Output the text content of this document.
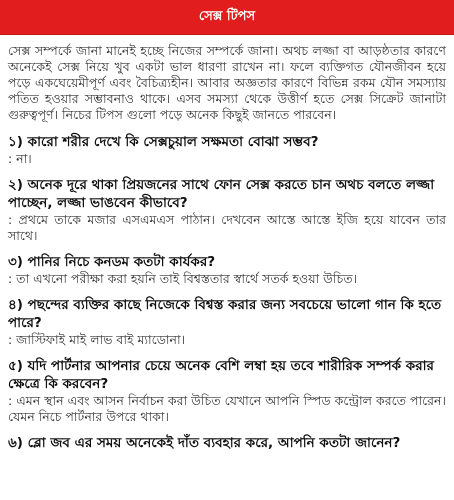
সেক্স টিপস

সেক্স সম্পর্কে জানা মানেই হচ্ছে নিজের সম্পর্কে জানা। অথচ লজ্জা বা আড়ষ্ঠতার কারণে অনেকেই সেক্স নিয়ে খুব একটা ভাল ধারণা রাখেন না। ফলে ব্যক্তিগত যৌনজীবন হয়ে পড়ে একঘেয়েমীপূর্ণ এবং বৈচিত্র্যহীন। আবার অজ্ঞতার কারণে বিভিন্ন রকম যৌন সমস্যায় পতিত হওয়ার সম্ভাবনাও থাকে। এসব সমস্যা থেকে উত্তীর্ণ হতে সেক্স সিক্রেট জানাটা গুরুত্বপূর্ণ। নিচের টিপস গুলো পড়ে অনেক কিছুই জানতে পারবেন।

১) কারো শরীর দেখে কি সেক্সচুয়াল সক্ষমতা বোঝা সম্ভব?

: না।

২) অনেক দূরে থাকা প্রিয়জনের সাথে ফোন সেক্স করতে চান অথচ বলতে লজ্জা পাচ্ছেন, লজ্জা ভাঙবেন কীভাবে?

: প্রথমে তাকে মজার এসএমএস পাঠান। দেখবেন আস্তে আস্তে ইজি হয়ে যাবেন তার সাথে।

৩) পানির নিচে কনডম কতটা কার্যকর?

: তা এখনো পরীক্ষা করা হয়নি তাই বিশ্বস্ততার স্বার্থে সতর্ক হওয়া উচিত।

৪) পছন্দের ব্যক্তির কাছে নিজেকে বিশ্বস্ত করার জন্য সবচেয়ে ভালো গান কি হতে পারে?

: জাস্টিফাই মাই লাভ বাই ম্যাডোনা।

৫) যদি পার্টনার আপনার চেয়ে অনেক বেশি লম্বা হয় তবে শারীরিক সম্পর্ক করার ক্ষেত্রে কি করবেন?

: এমন স্থান এবং আসন নির্বাচন করা উচিত যেখানে আপনি স্পিড কন্ট্রোল করতে পারেন। যেমন নিচে পার্টনার উপরে থাকা।

৬) ব্লো জব এর সময় অনেকেই দাঁত ব্যবহার করে, আপনি কতটা জানেন?
